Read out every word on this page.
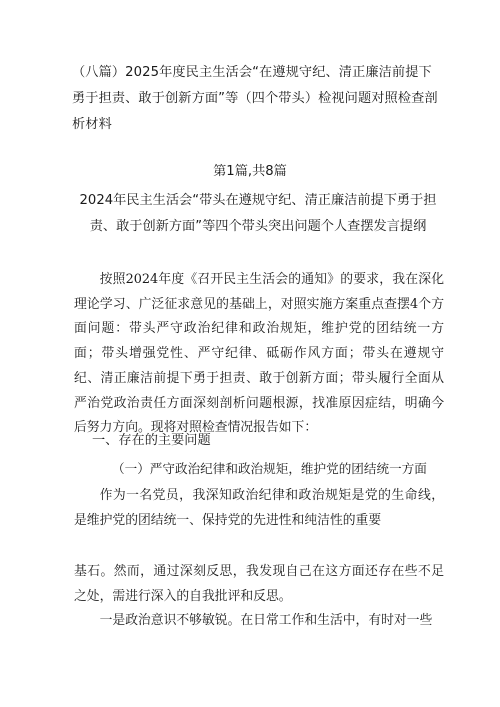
（八篇）2025年度民主生活会“在遵规守纪、清正廉洁前提下勇于担责、敢于创新方面”等（四个带头）检视问题对照检查剖析材料
第1篇,共8篇
2024年民主生活会“带头在遵规守纪、清正廉洁前提下勇于担责、敢于创新方面”等四个带头突出问题个人查摆发言提纲
按照2024年度《召开民主生活会的通知》的要求，我在深化理论学习、广泛征求意见的基础上，对照实施方案重点查摆4个方面问题：带头严守政治纪律和政治规矩，维护党的团结统一方面；带头增强党性、严守纪律、砥砺作风方面；带头在遵规守纪、清正廉洁前提下勇于担责、敢于创新方面；带头履行全面从严治党政治责任方面深刻剖析问题根源，找准原因症结，明确今后努力方向。现将对照检查情况报告如下：
一、存在的主要问题
（一）严守政治纪律和政治规矩，维护党的团结统一方面
作为一名党员，我深知政治纪律和政治规矩是党的生命线，是维护党的团结统一、保持党的先进性和纯洁性的重要
基石。然而，通过深刻反思，我发现自己在这方面还存在些不足之处，需进行深入的自我批评和反思。
一是政治意识不够敏锐。在日常工作和生活中，有时对一些
